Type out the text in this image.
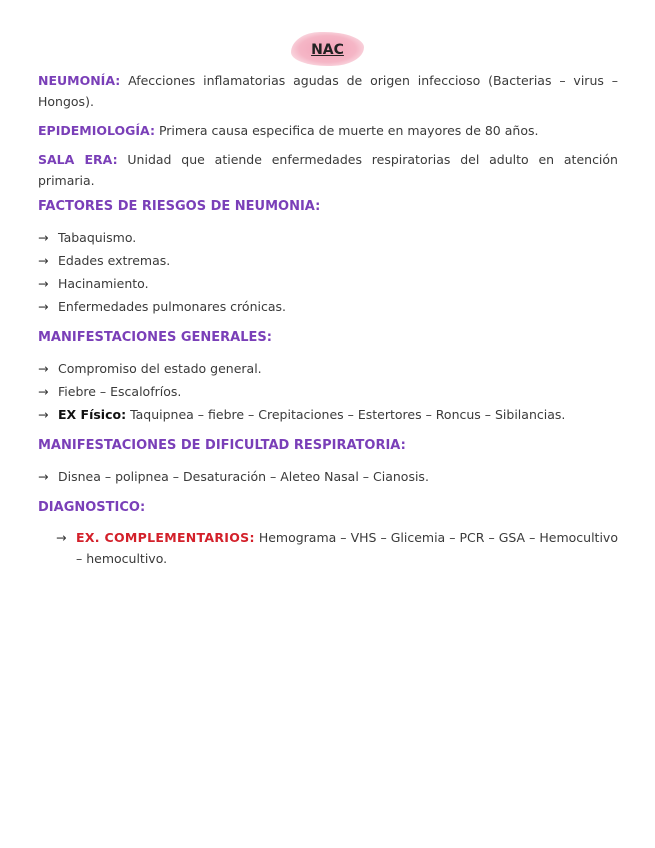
NAC

NEUMONÍA: Afecciones inflamatorias agudas de origen infeccioso (Bacterias – virus – Hongos).

EPIDEMIOLOGÍA: Primera causa especifica de muerte en mayores de 80 años.

SALA ERA: Unidad que atiende enfermedades respiratorias del adulto en atención primaria.

FACTORES DE RIESGOS DE NEUMONIA:
→ Tabaquismo.
→ Edades extremas.
→ Hacinamiento.
→ Enfermedades pulmonares crónicas.
MANIFESTACIONES GENERALES:
→ Compromiso del estado general.
→ Fiebre – Escalofríos.
→ EX Físico: Taquipnea – fiebre – Crepitaciones – Estertores – Roncus – Sibilancias.
MANIFESTACIONES DE DIFICULTAD RESPIRATORIA:
→ Disnea – polipnea – Desaturación – Aleteo Nasal – Cianosis.
DIAGNOSTICO:
→ EX. COMPLEMENTARIOS: Hemograma – VHS – Glicemia – PCR – GSA – Hemocultivo – hemocultivo.
